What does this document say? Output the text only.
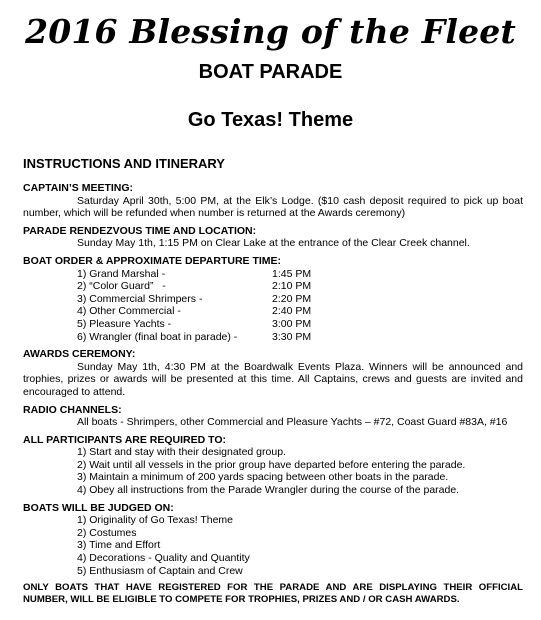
2016 Blessing of the Fleet
BOAT PARADE
Go Texas! Theme
INSTRUCTIONS AND ITINERARY
CAPTAIN’S MEETING:
Saturday April 30th, 5:00 PM, at the Elk’s Lodge. ($10 cash deposit required to pick up boat number, which will be refunded when number is returned at the Awards ceremony)
PARADE RENDEZVOUS TIME AND LOCATION:
Sunday May 1th, 1:15 PM on Clear Lake at the entrance of the Clear Creek channel.
BOAT ORDER & APPROXIMATE DEPARTURE TIME:
1) Grand Marshal -	1:45 PM
2) “Color Guard”   -	2:10 PM
3) Commercial Shrimpers -	2:20 PM
4) Other Commercial -	2:40 PM
5) Pleasure Yachts -	3:00 PM
6) Wrangler (final boat in parade) -	3:30 PM
AWARDS CEREMONY:
Sunday May 1th, 4:30 PM at the Boardwalk Events Plaza. Winners will be announced and trophies, prizes or awards will be presented at this time. All Captains, crews and guests are invited and encouraged to attend.
RADIO CHANNELS:
All boats - Shrimpers, other Commercial and Pleasure Yachts – #72, Coast Guard #83A, #16
ALL PARTICIPANTS ARE REQUIRED TO:
1) Start and stay with their designated group.
2) Wait until all vessels in the prior group have departed before entering the parade.
3) Maintain a minimum of 200 yards spacing between other boats in the parade.
4) Obey all instructions from the Parade Wrangler during the course of the parade.
BOATS WILL BE JUDGED ON:
1) Originality of Go Texas! Theme
2) Costumes
3) Time and Effort
4) Decorations - Quality and Quantity
5) Enthusiasm of Captain and Crew
ONLY BOATS THAT HAVE REGISTERED FOR THE PARADE AND ARE DISPLAYING THEIR OFFICIAL NUMBER, WILL BE ELIGIBLE TO COMPETE FOR TROPHIES, PRIZES AND / OR CASH AWARDS.
